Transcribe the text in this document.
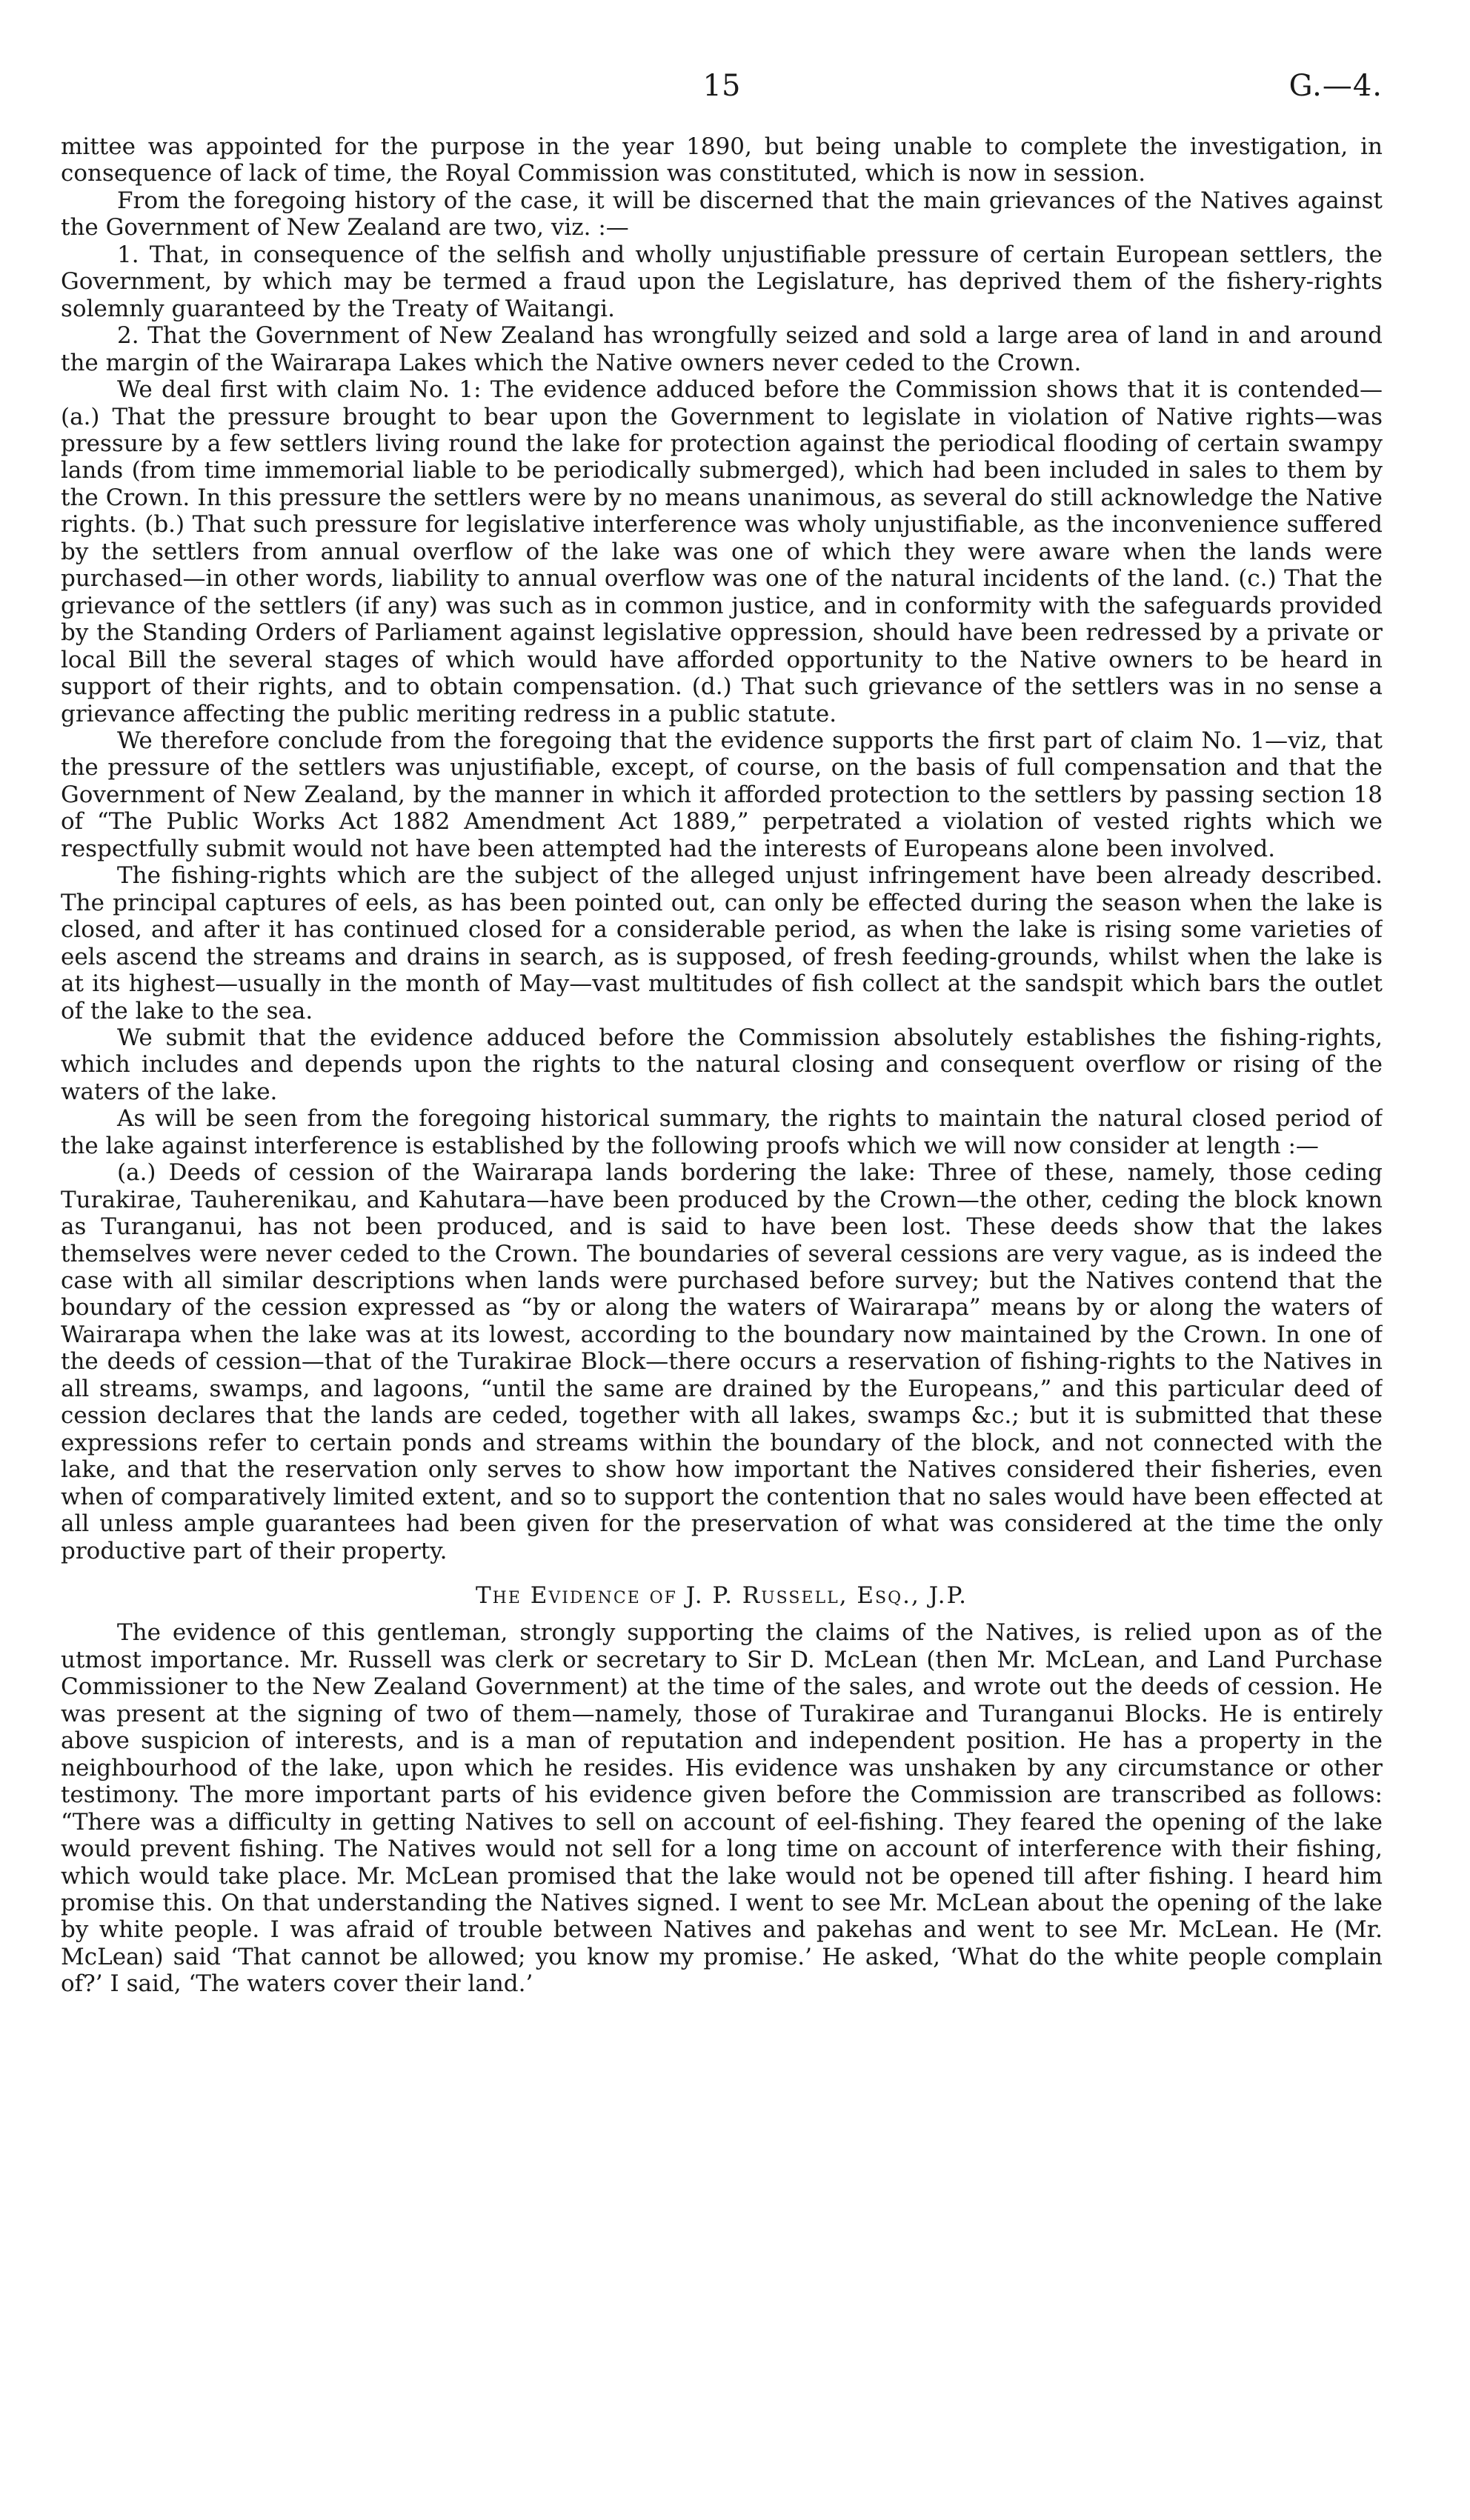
15	G.—4.

mittee was appointed for the purpose in the year 1890, but being unable to complete the investigation, in consequence of lack of time, the Royal Commission was constituted, which is now in session.

From the foregoing history of the case, it will be discerned that the main grievances of the Natives against the Government of New Zealand are two, viz. :—

1. That, in consequence of the selfish and wholly unjustifiable pressure of certain European settlers, the Government, by which may be termed a fraud upon the Legislature, has deprived them of the fishery-rights solemnly guaranteed by the Treaty of Waitangi.

2. That the Government of New Zealand has wrongfully seized and sold a large area of land in and around the margin of the Wairarapa Lakes which the Native owners never ceded to the Crown.

We deal first with claim No. 1: The evidence adduced before the Commission shows that it is contended—(a.) That the pressure brought to bear upon the Government to legislate in violation of Native rights—was pressure by a few settlers living round the lake for protection against the periodical flooding of certain swampy lands (from time immemorial liable to be periodically submerged), which had been included in sales to them by the Crown. In this pressure the settlers were by no means unanimous, as several do still acknowledge the Native rights. (b.) That such pressure for legislative interference was wholy unjustifiable, as the inconvenience suffered by the settlers from annual overflow of the lake was one of which they were aware when the lands were purchased—in other words, liability to annual overflow was one of the natural incidents of the land. (c.) That the grievance of the settlers (if any) was such as in common justice, and in conformity with the safeguards provided by the Standing Orders of Parliament against legislative oppression, should have been redressed by a private or local Bill the several stages of which would have afforded opportunity to the Native owners to be heard in support of their rights, and to obtain compensation. (d.) That such grievance of the settlers was in no sense a grievance affecting the public meriting redress in a public statute.

We therefore conclude from the foregoing that the evidence supports the first part of claim No. 1—viz, that the pressure of the settlers was unjustifiable, except, of course, on the basis of full compensation and that the Government of New Zealand, by the manner in which it afforded protection to the settlers by passing section 18 of “The Public Works Act 1882 Amendment Act 1889,” perpetrated a violation of vested rights which we respectfully submit would not have been attempted had the interests of Europeans alone been involved.

The fishing-rights which are the subject of the alleged unjust infringement have been already described. The principal captures of eels, as has been pointed out, can only be effected during the season when the lake is closed, and after it has continued closed for a considerable period, as when the lake is rising some varieties of eels ascend the streams and drains in search, as is supposed, of fresh feeding-grounds, whilst when the lake is at its highest—usually in the month of May—vast multitudes of fish collect at the sandspit which bars the outlet of the lake to the sea.

We submit that the evidence adduced before the Commission absolutely establishes the fishing-rights, which includes and depends upon the rights to the natural closing and consequent overflow or rising of the waters of the lake.

As will be seen from the foregoing historical summary, the rights to maintain the natural closed period of the lake against interference is established by the following proofs which we will now consider at length :—

(a.) Deeds of cession of the Wairarapa lands bordering the lake: Three of these, namely, those ceding Turakirae, Tauherenikau, and Kahutara—have been produced by the Crown—the other, ceding the block known as Turanganui, has not been produced, and is said to have been lost. These deeds show that the lakes themselves were never ceded to the Crown. The boundaries of several cessions are very vague, as is indeed the case with all similar descriptions when lands were purchased before survey; but the Natives contend that the boundary of the cession expressed as “by or along the waters of Wairarapa” means by or along the waters of Wairarapa when the lake was at its lowest, according to the boundary now maintained by the Crown. In one of the deeds of cession—that of the Turakirae Block—there occurs a reservation of fishing-rights to the Natives in all streams, swamps, and lagoons, “until the same are drained by the Europeans,” and this particular deed of cession declares that the lands are ceded, together with all lakes, swamps &c.; but it is submitted that these expressions refer to certain ponds and streams within the boundary of the block, and not connected with the lake, and that the reservation only serves to show how important the Natives considered their fisheries, even when of comparatively limited extent, and so to support the contention that no sales would have been effected at all unless ample guarantees had been given for the preservation of what was considered at the time the only productive part of their property.

The Evidence of J. P. Russell, Esq., J.P.

The evidence of this gentleman, strongly supporting the claims of the Natives, is relied upon as of the utmost importance. Mr. Russell was clerk or secretary to Sir D. McLean (then Mr. McLean, and Land Purchase Commissioner to the New Zealand Government) at the time of the sales, and wrote out the deeds of cession. He was present at the signing of two of them—namely, those of Turakirae and Turanganui Blocks. He is entirely above suspicion of interests, and is a man of reputation and independent position. He has a property in the neighbourhood of the lake, upon which he resides. His evidence was unshaken by any circumstance or other testimony. The more important parts of his evidence given before the Commission are transcribed as follows: “There was a difficulty in getting Natives to sell on account of eel-fishing. They feared the opening of the lake would prevent fishing. The Natives would not sell for a long time on account of interference with their fishing, which would take place. Mr. McLean promised that the lake would not be opened till after fishing. I heard him promise this. On that understanding the Natives signed. I went to see Mr. McLean about the opening of the lake by white people. I was afraid of trouble between Natives and pakehas and went to see Mr. McLean. He (Mr. McLean) said ‘That cannot be allowed; you know my promise.’ He asked, ‘What do the white people complain of?’ I said, ‘The waters cover their land.’
